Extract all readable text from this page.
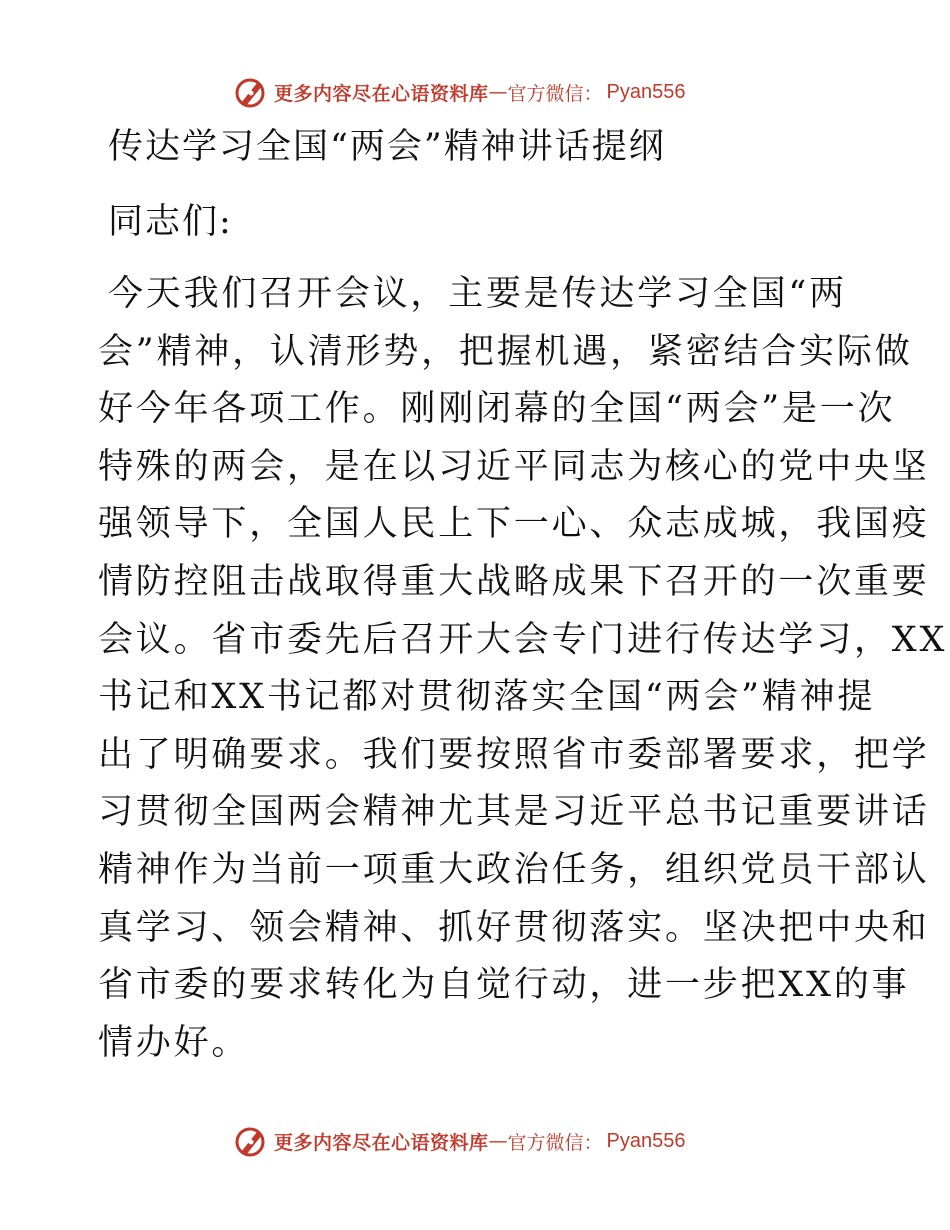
更多内容尽在心语资料库 — 官方微信： Pyan556
传达学习全国“两会”精神讲话提纲
同志们:
今天我们召开会议，主要是传达学习全国“两
会”精神，认清形势，把握机遇，紧密结合实际做
好今年各项工作。刚刚闭幕的全国“两会”是一次
特殊的两会，是在以习近平同志为核心的党中央坚
强领导下，全国人民上下一心、众志成城，我国疫
情防控阻击战取得重大战略成果下召开的一次重要
会议。省市委先后召开大会专门进行传达学习，XX
书记和XX书记都对贯彻落实全国“两会”精神提
出了明确要求。我们要按照省市委部署要求，把学
习贯彻全国两会精神尤其是习近平总书记重要讲话
精神作为当前一项重大政治任务，组织党员干部认
真学习、领会精神、抓好贯彻落实。坚决把中央和
省市委的要求转化为自觉行动，进一步把XX的事
情办好。
更多内容尽在心语资料库 — 官方微信： Pyan556
